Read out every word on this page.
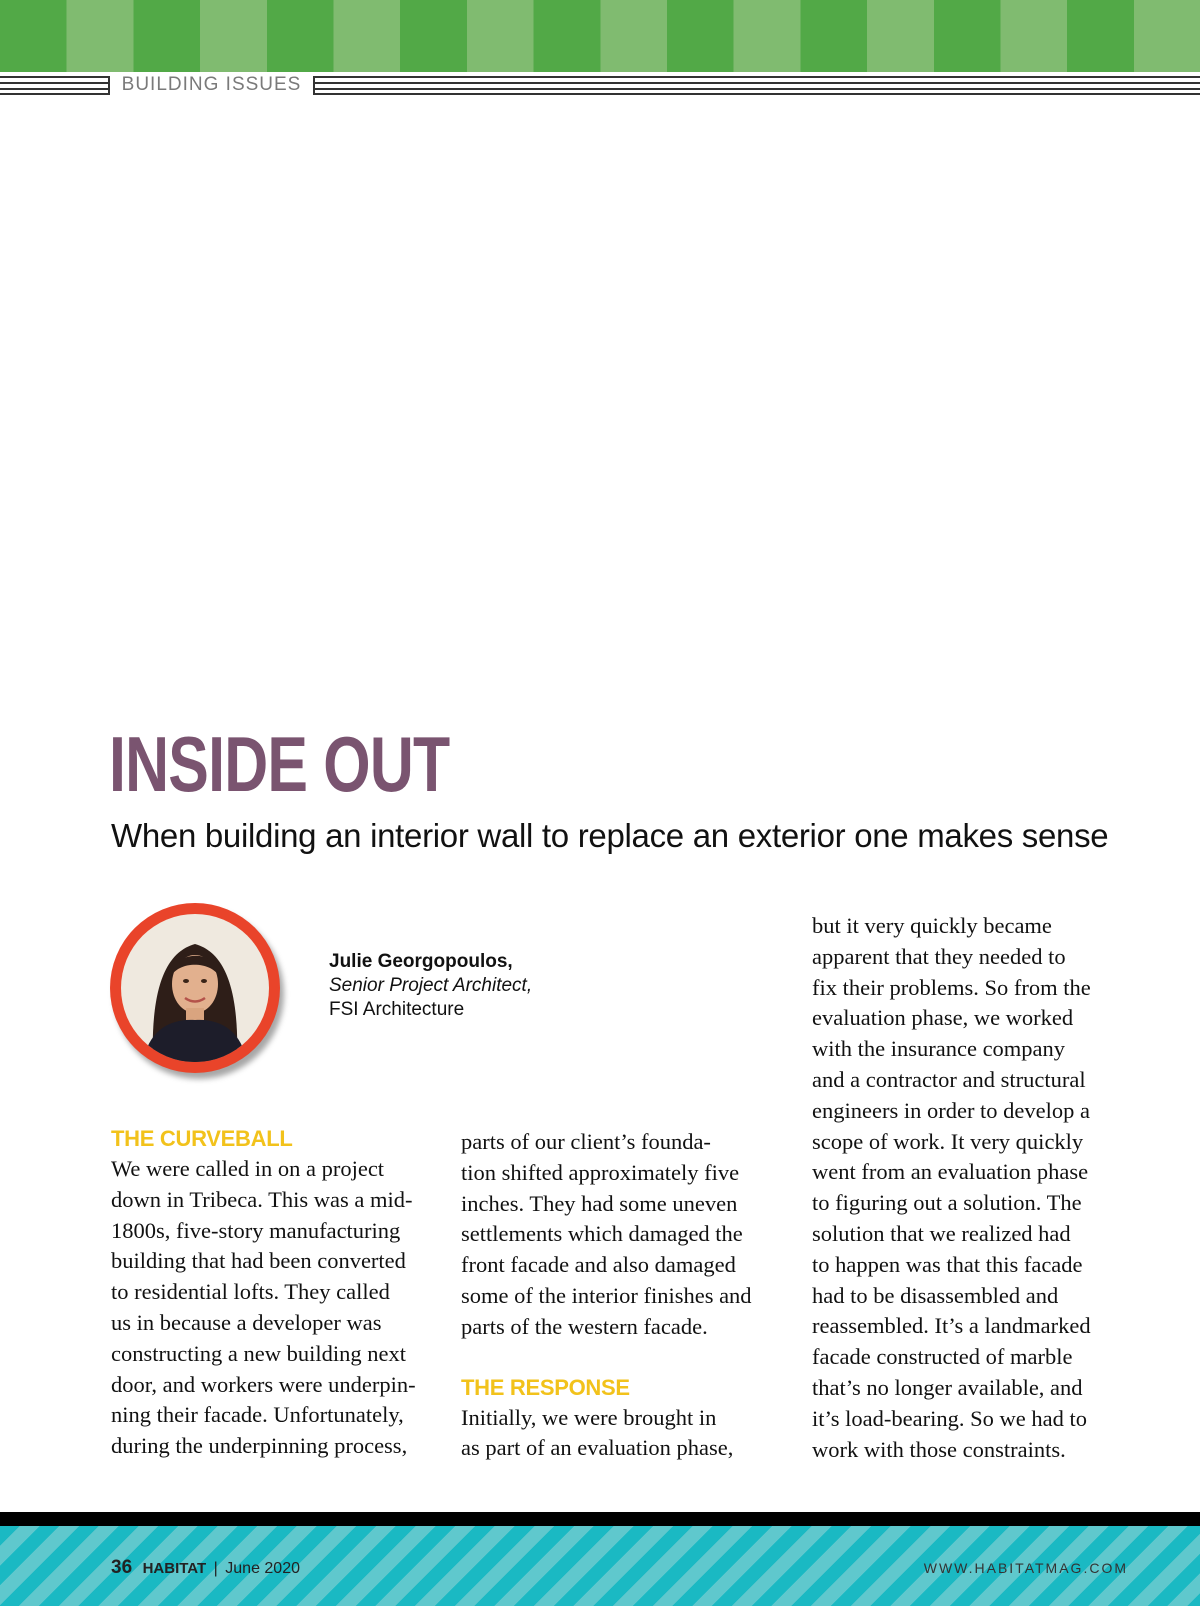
BUILDING ISSUES
INSIDE OUT
When building an interior wall to replace an exterior one makes sense
Julie Georgopoulos,
Senior Project Architect,
FSI Architecture
THE CURVEBALL

We were called in on a project
down in Tribeca. This was a mid-
1800s, five-story manufacturing
building that had been converted
to residential lofts. They called
us in because a developer was
constructing a new building next
door, and workers were underpin-
ning their facade. Unfortunately,
during the underpinning process,

parts of our client’s founda-
tion shifted approximately five
inches. They had some uneven
settlements which damaged the
front facade and also damaged
some of the interior finishes and
parts of the western facade.

THE RESPONSE

Initially, we were brought in
as part of an evaluation phase,

but it very quickly became
apparent that they needed to
fix their problems. So from the
evaluation phase, we worked
with the insurance company
and a contractor and structural
engineers in order to develop a
scope of work. It very quickly
went from an evaluation phase
to figuring out a solution. The
solution that we realized had
to happen was that this facade
had to be disassembled and
reassembled. It’s a landmarked
facade constructed of marble
that’s no longer available, and
it’s load-bearing. So we had to
work with those constraints.

36 HABITAT | June 2020	WWW.HABITATMAG.COM
